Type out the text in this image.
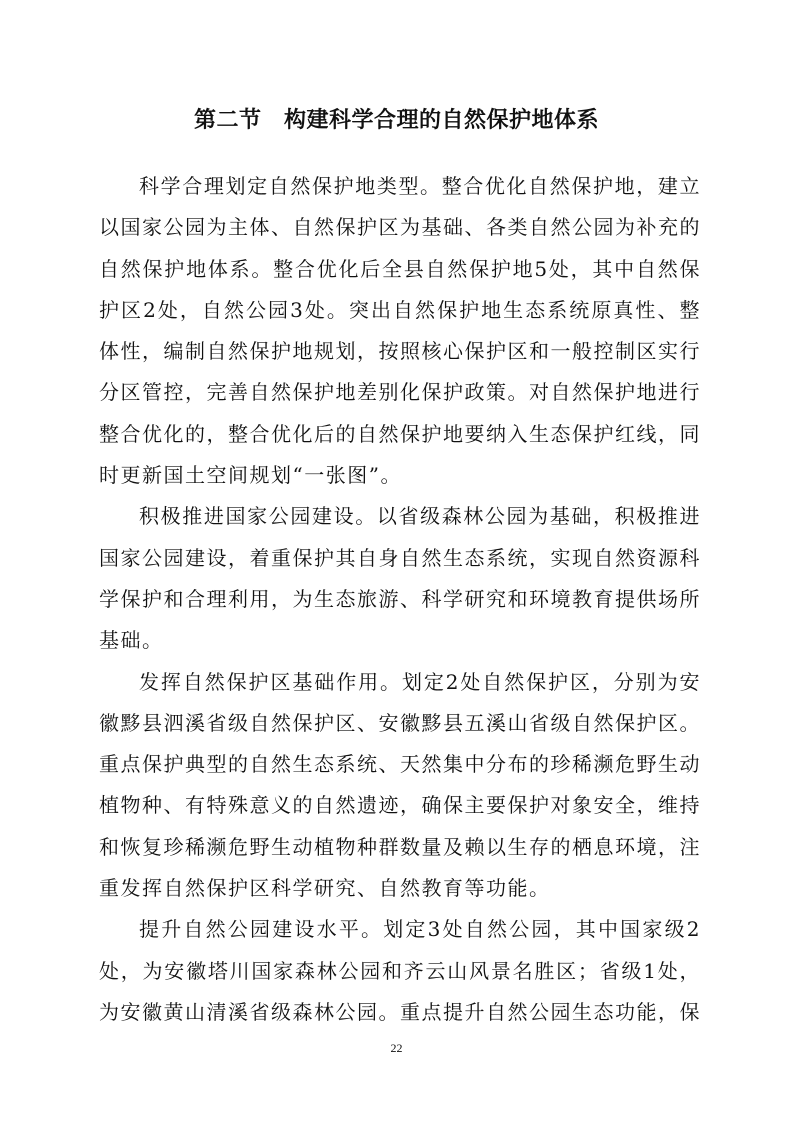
第二节　构建科学合理的自然保护地体系

科学合理划定自然保护地类型。整合优化自然保护地，建立以国家公园为主体、自然保护区为基础、各类自然公园为补充的自然保护地体系。整合优化后全县自然保护地5处，其中自然保护区2处，自然公园3处。突出自然保护地生态系统原真性、整体性，编制自然保护地规划，按照核心保护区和一般控制区实行分区管控，完善自然保护地差别化保护政策。对自然保护地进行整合优化的，整合优化后的自然保护地要纳入生态保护红线，同时更新国土空间规划“一张图”。

积极推进国家公园建设。以省级森林公园为基础，积极推进国家公园建设，着重保护其自身自然生态系统，实现自然资源科学保护和合理利用，为生态旅游、科学研究和环境教育提供场所基础。

发挥自然保护区基础作用。划定2处自然保护区，分别为安徽黟县泗溪省级自然保护区、安徽黟县五溪山省级自然保护区。重点保护典型的自然生态系统、天然集中分布的珍稀濒危野生动植物种、有特殊意义的自然遗迹，确保主要保护对象安全，维持和恢复珍稀濒危野生动植物种群数量及赖以生存的栖息环境，注重发挥自然保护区科学研究、自然教育等功能。

提升自然公园建设水平。划定3处自然公园，其中国家级2处，为安徽塔川国家森林公园和齐云山风景名胜区；省级1处，为安徽黄山清溪省级森林公园。重点提升自然公园生态功能，保

22
